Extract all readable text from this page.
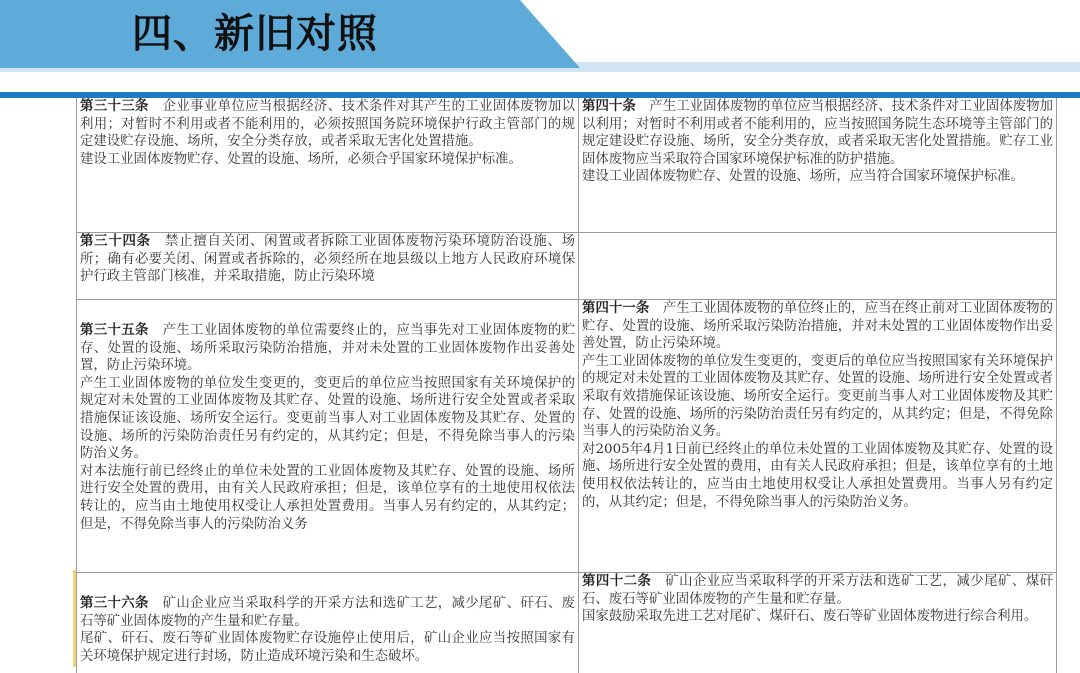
四、新旧对照
第三十三条　企业事业单位应当根据经济、技术条件对其产生的工业固体废物加以利用；对暂时不利用或者不能利用的，必须按照国务院环境保护行政主管部门的规定建设贮存设施、场所，安全分类存放，或者采取无害化处置措施。
建设工业固体废物贮存、处置的设施、场所，必须合乎国家环境保护标准。
第四十条　产生工业固体废物的单位应当根据经济、技术条件对工业固体废物加以利用；对暂时不利用或者不能利用的，应当按照国务院生态环境等主管部门的规定建设贮存设施、场所，安全分类存放，或者采取无害化处置措施。贮存工业固体废物应当采取符合国家环境保护标准的防护措施。
建设工业固体废物贮存、处置的设施、场所，应当符合国家环境保护标准。
第三十四条　禁止擅自关闭、闲置或者拆除工业固体废物污染环境防治设施、场所；确有必要关闭、闲置或者拆除的，必须经所在地县级以上地方人民政府环境保护行政主管部门核准，并采取措施，防止污染环境
第三十五条　产生工业固体废物的单位需要终止的，应当事先对工业固体废物的贮存、处置的设施、场所采取污染防治措施，并对未处置的工业固体废物作出妥善处置，防止污染环境。
产生工业固体废物的单位发生变更的，变更后的单位应当按照国家有关环境保护的规定对未处置的工业固体废物及其贮存、处置的设施、场所进行安全处置或者采取措施保证该设施、场所安全运行。变更前当事人对工业固体废物及其贮存、处置的设施、场所的污染防治责任另有约定的，从其约定；但是，不得免除当事人的污染防治义务。
对本法施行前已经终止的单位未处置的工业固体废物及其贮存、处置的设施、场所进行安全处置的费用，由有关人民政府承担；但是，该单位享有的土地使用权依法转让的，应当由土地使用权受让人承担处置费用。当事人另有约定的，从其约定；但是，不得免除当事人的污染防治义务
第四十一条　产生工业固体废物的单位终止的，应当在终止前对工业固体废物的贮存、处置的设施、场所采取污染防治措施，并对未处置的工业固体废物作出妥善处置，防止污染环境。
产生工业固体废物的单位发生变更的，变更后的单位应当按照国家有关环境保护的规定对未处置的工业固体废物及其贮存、处置的设施、场所进行安全处置或者采取有效措施保证该设施、场所安全运行。变更前当事人对工业固体废物及其贮存、处置的设施、场所的污染防治责任另有约定的，从其约定；但是，不得免除当事人的污染防治义务。
对2005年4月1日前已经终止的单位未处置的工业固体废物及其贮存、处置的设施、场所进行安全处置的费用，由有关人民政府承担；但是，该单位享有的土地使用权依法转让的，应当由土地使用权受让人承担处置费用。当事人另有约定的，从其约定；但是，不得免除当事人的污染防治义务。
第三十六条　矿山企业应当采取科学的开采方法和选矿工艺，减少尾矿、矸石、废石等矿业固体废物的产生量和贮存量。
尾矿、矸石、废石等矿业固体废物贮存设施停止使用后，矿山企业应当按照国家有关环境保护规定进行封场，防止造成环境污染和生态破坏。
第四十二条　矿山企业应当采取科学的开采方法和选矿工艺，减少尾矿、煤矸石、废石等矿业固体废物的产生量和贮存量。
国家鼓励采取先进工艺对尾矿、煤矸石、废石等矿业固体废物进行综合利用。
